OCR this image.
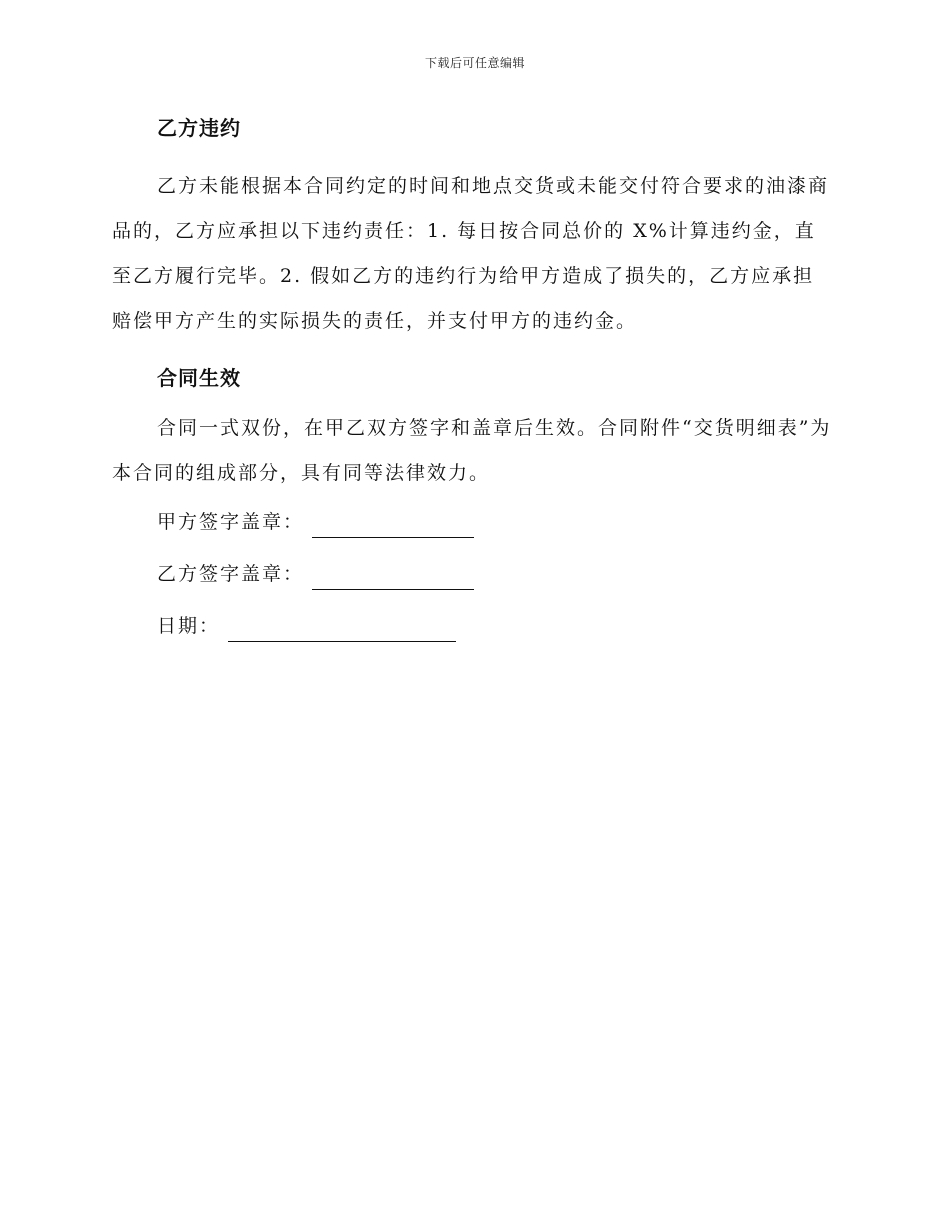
下载后可任意编辑
乙方违约

乙方未能根据本合同约定的时间和地点交货或未能交付符合要求的油漆商品的，乙方应承担以下违约责任：1. 每日按合同总价的 X%计算违约金，直至乙方履行完毕。2. 假如乙方的违约行为给甲方造成了损失的，乙方应承担赔偿甲方产生的实际损失的责任，并支付甲方的违约金。

合同生效

合同一式双份，在甲乙双方签字和盖章后生效。合同附件“交货明细表”为本合同的组成部分，具有同等法律效力。

甲方签字盖章：
乙方签字盖章：
日期：
